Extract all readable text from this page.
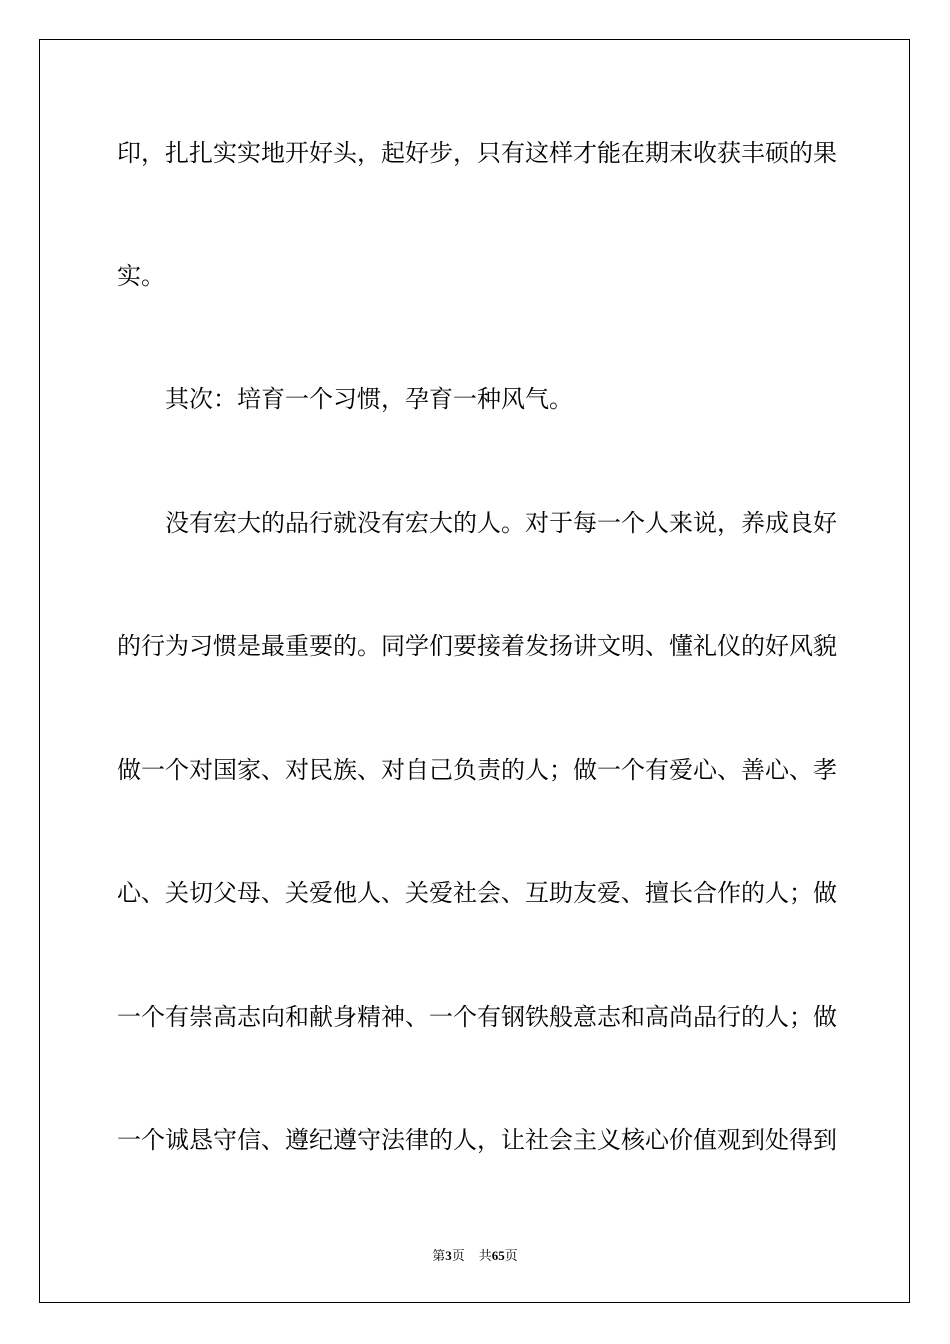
印，扎扎实实地开好头，起好步，只有这样才能在期末收获丰硕的果
实。
其次：培育一个习惯，孕育一种风气。
没有宏大的品行就没有宏大的人。对于每一个人来说，养成良好
的行为习惯是最重要的。同学们要接着发扬讲文明、懂礼仪的好风貌
做一个对国家、对民族、对自己负责的人；做一个有爱心、善心、孝
心、关切父母、关爱他人、关爱社会、互助友爱、擅长合作的人；做
一个有崇高志向和献身精神、一个有钢铁般意志和高尚品行的人；做
一个诚恳守信、遵纪遵守法律的人，让社会主义核心价值观到处得到
第3页 共65页
